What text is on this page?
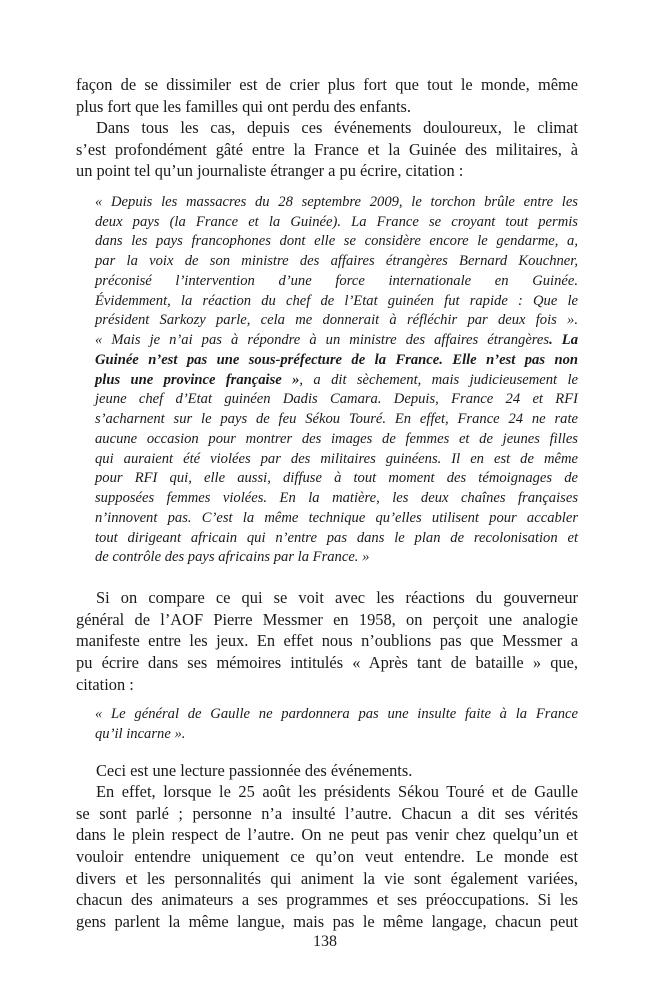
façon de se dissimiler est de crier plus fort que tout le monde, même
plus fort que les familles qui ont perdu des enfants.
Dans tous les cas, depuis ces événements douloureux, le climat
s’est profondément gâté entre la France et la Guinée des militaires, à
un point tel qu’un journaliste étranger a pu écrire, citation :
« Depuis les massacres du 28 septembre 2009, le torchon brûle entre les
deux pays (la France et la Guinée). La France se croyant tout permis
dans les pays francophones dont elle se considère encore le gendarme, a,
par la voix de son ministre des affaires étrangères Bernard Kouchner,
préconisé l’intervention d’une force internationale en Guinée.
Évidemment, la réaction du chef de l’Etat guinéen fut rapide : Que le
président Sarkozy parle, cela me donnerait à réfléchir par deux fois ».
« Mais je n’ai pas à répondre à un ministre des affaires étrangères. La
Guinée n’est pas une sous-préfecture de la France. Elle n’est pas non
plus une province française », a dit sèchement, mais judicieusement le
jeune chef d’Etat guinéen Dadis Camara. Depuis, France 24 et RFI
s’acharnent sur le pays de feu Sékou Touré. En effet, France 24 ne rate
aucune occasion pour montrer des images de femmes et de jeunes filles
qui auraient été violées par des militaires guinéens. Il en est de même
pour RFI qui, elle aussi, diffuse à tout moment des témoignages de
supposées femmes violées. En la matière, les deux chaînes françaises
n’innovent pas. C’est la même technique qu’elles utilisent pour accabler
tout dirigeant africain qui n’entre pas dans le plan de recolonisation et
de contrôle des pays africains par la France. »
Si on compare ce qui se voit avec les réactions du gouverneur
général de l’AOF Pierre Messmer en 1958, on perçoit une analogie
manifeste entre les jeux. En effet nous n’oublions pas que Messmer a
pu écrire dans ses mémoires intitulés « Après tant de bataille » que,
citation :
« Le général de Gaulle ne pardonnera pas une insulte faite à la France
qu’il incarne ».
Ceci est une lecture passionnée des événements.
En effet, lorsque le 25 août les présidents Sékou Touré et de Gaulle
se sont parlé ; personne n’a insulté l’autre. Chacun a dit ses vérités
dans le plein respect de l’autre. On ne peut pas venir chez quelqu’un et
vouloir entendre uniquement ce qu’on veut entendre. Le monde est
divers et les personnalités qui animent la vie sont également variées,
chacun des animateurs a ses programmes et ses préoccupations. Si les
gens parlent la même langue, mais pas le même langage, chacun peut
138
